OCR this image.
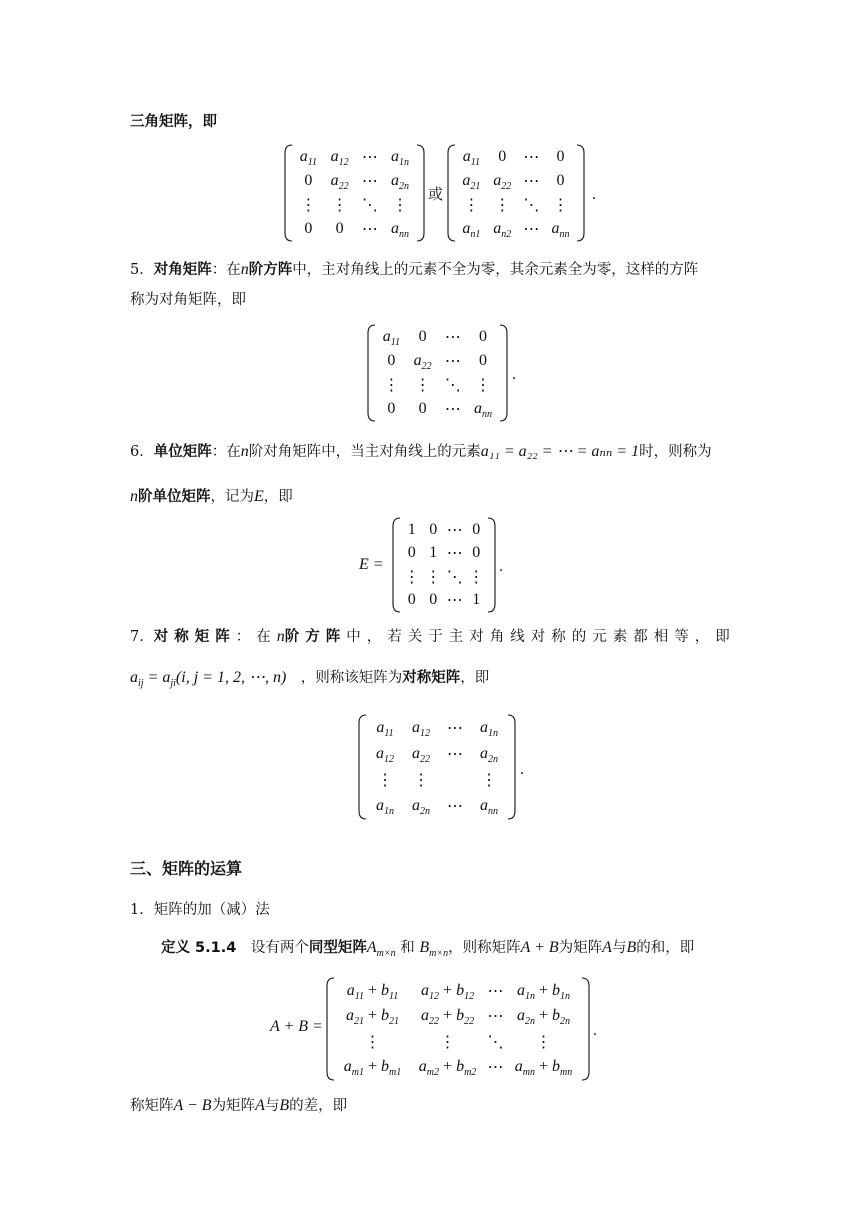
三角矩阵，即
$a_{11}$	$a_{12}$	⋯	$a_{1n}$
0	$a_{22}$	⋯	$a_{2n}$
⋮	⋮	⋱	⋮
0	0	⋯	$a_{nn}$
或
$a_{11}$	0	⋯	0
$a_{21}$	$a_{22}$	⋯	0
⋮	⋮	⋱	⋮
$a_{n1}$	$a_{n2}$	⋯	$a_{nn}$
.
5．对角矩阵：在n阶方阵中，主对角线上的元素不全为零，其余元素全为零，这样的方阵
称为对角矩阵，即
$a_{11}$	0	⋯	0
0	$a_{22}$	⋯	0
⋮	⋮	⋱	⋮
0	0	⋯	$a_{nn}$
.
6．单位矩阵：在n阶对角矩阵中，当主对角线上的元素a₁₁ = a₂₂ = ⋯ = aₙₙ = 1时，则称为
n阶单位矩阵，记为E，即
E =
1	0	⋯	0
0	1	⋯	0
⋮	⋮	⋱	⋮
0	0	⋯	1
.
7．对称矩阵：在n阶方阵中，若关于主对角线对称的元素都相等，即
$a_{ij} = a_{ji}(i$, j = 1, 2, ⋯, n)　 ，则称该矩阵为对称矩阵，即
$a_{11}$	$a_{12}$	⋯	$a_{1n}$
$a_{12}$	$a_{22}$	⋯	$a_{2n}$
⋮	⋮		⋮
$a_{1n}$	$a_{2n}$	⋯	$a_{nn}$
.
三、矩阵的运算
1．矩阵的加（减）法
定义 5.1.4　 设有两个同型矩阵$A_{m\times n}$ 和 $B_{m\times n}$，则称矩阵A + B为矩阵A与B的和，即
A + B =
$a_{11} + b_{11}$	$a_{12} + b_{12}$	⋯	$a_{1n} + b_{1n}$
$a_{21} + b_{21}$	$a_{22} + b_{22}$	⋯	$a_{2n} + b_{2n}$
⋮	⋮	⋱	⋮
$a_{m1} + b_{m1}$	$a_{m2} + b_{m2}$	⋯	$a_{mn} + b_{mn}$
.
称矩阵A − B为矩阵A与B的差，即
